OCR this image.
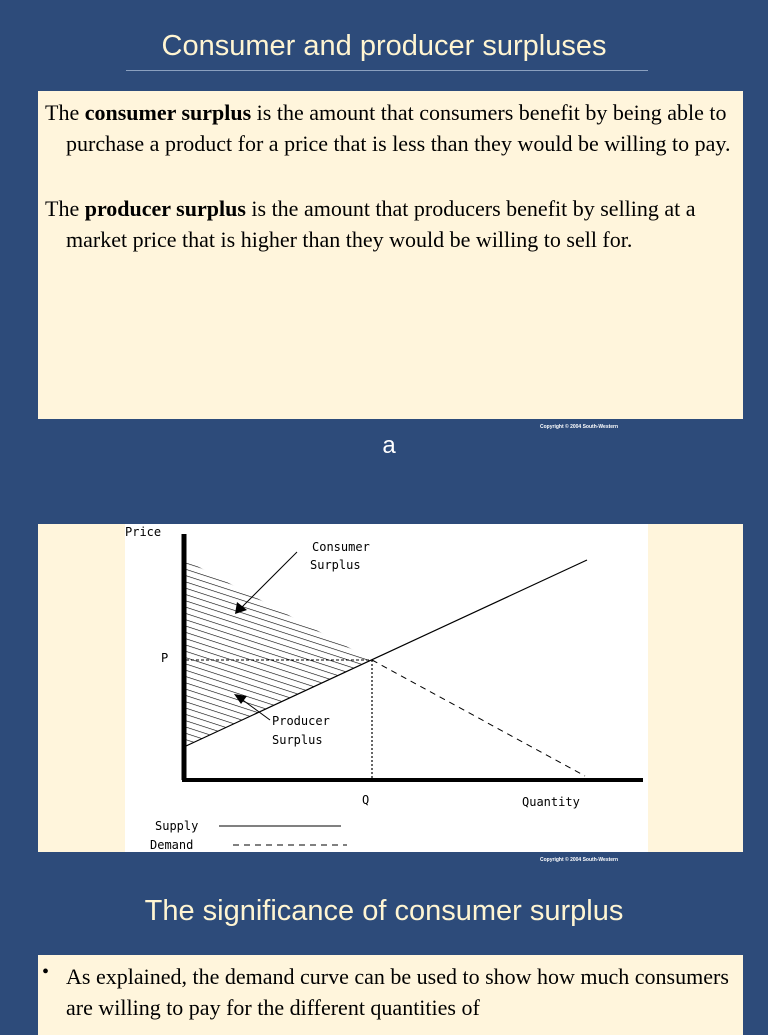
Consumer and producer surpluses

The consumer surplus is the amount that consumers benefit by being able to purchase a product for a price that is less than they would be willing to pay.

The producer surplus is the amount that producers benefit by selling at a market price that is higher than they would be willing to sell for.

Copyright © 2004 South-Western
a
Price
P
Q	Quantity
Consumer
Surplus
Producer
Surplus
Supply
Demand
Copyright © 2004 South-Western
The significance of consumer surplus
• As explained, the demand curve can be used to show how much consumers are willing to pay for the different quantities of
